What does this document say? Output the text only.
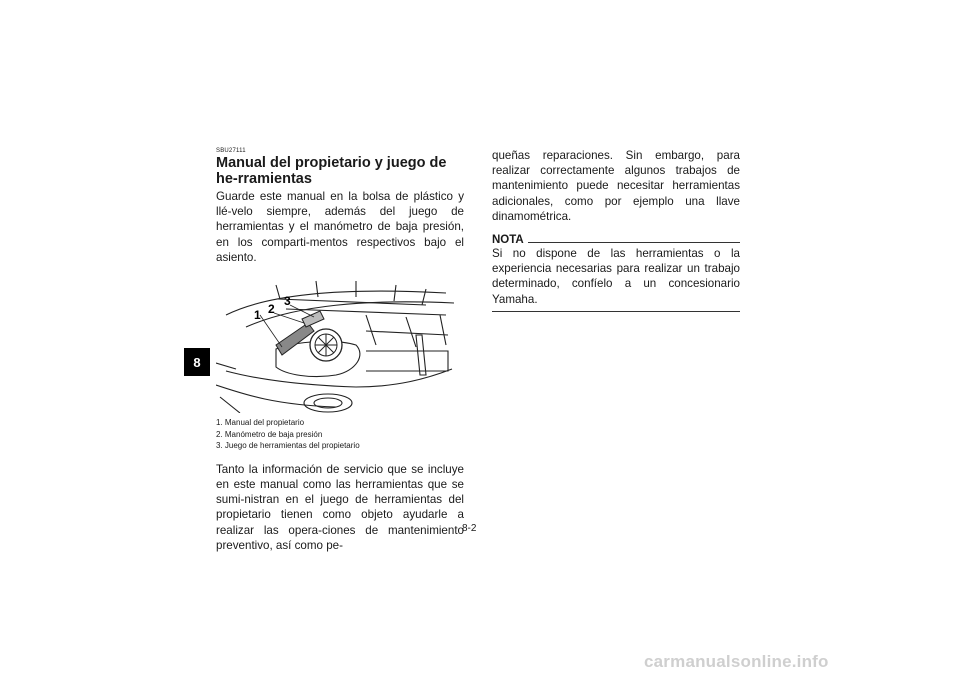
8

SBU27111

Manual del propietario y juego de he-rramientas

Guarde este manual en la bolsa de plástico y llé-velo siempre, además del juego de herramientas y el manómetro de baja presión, en los comparti-mentos respectivos bajo el asiento.

1 2
3
1. Manual del propietario
2. Manómetro de baja presión
3. Juego de herramientas del propietario

Tanto la información de servicio que se incluye en este manual como las herramientas que se sumi-nistran en el juego de herramientas del propietario tienen como objeto ayudarle a realizar las opera-ciones de mantenimiento preventivo, así como pe-

queñas reparaciones. Sin embargo, para realizar correctamente algunos trabajos de mantenimiento puede necesitar herramientas adicionales, como por ejemplo una llave dinamométrica.

NOTA

Si no dispone de las herramientas o la experiencia necesarias para realizar un trabajo determinado, confíelo a un concesionario Yamaha.

8-2
carmanualsonline.info
